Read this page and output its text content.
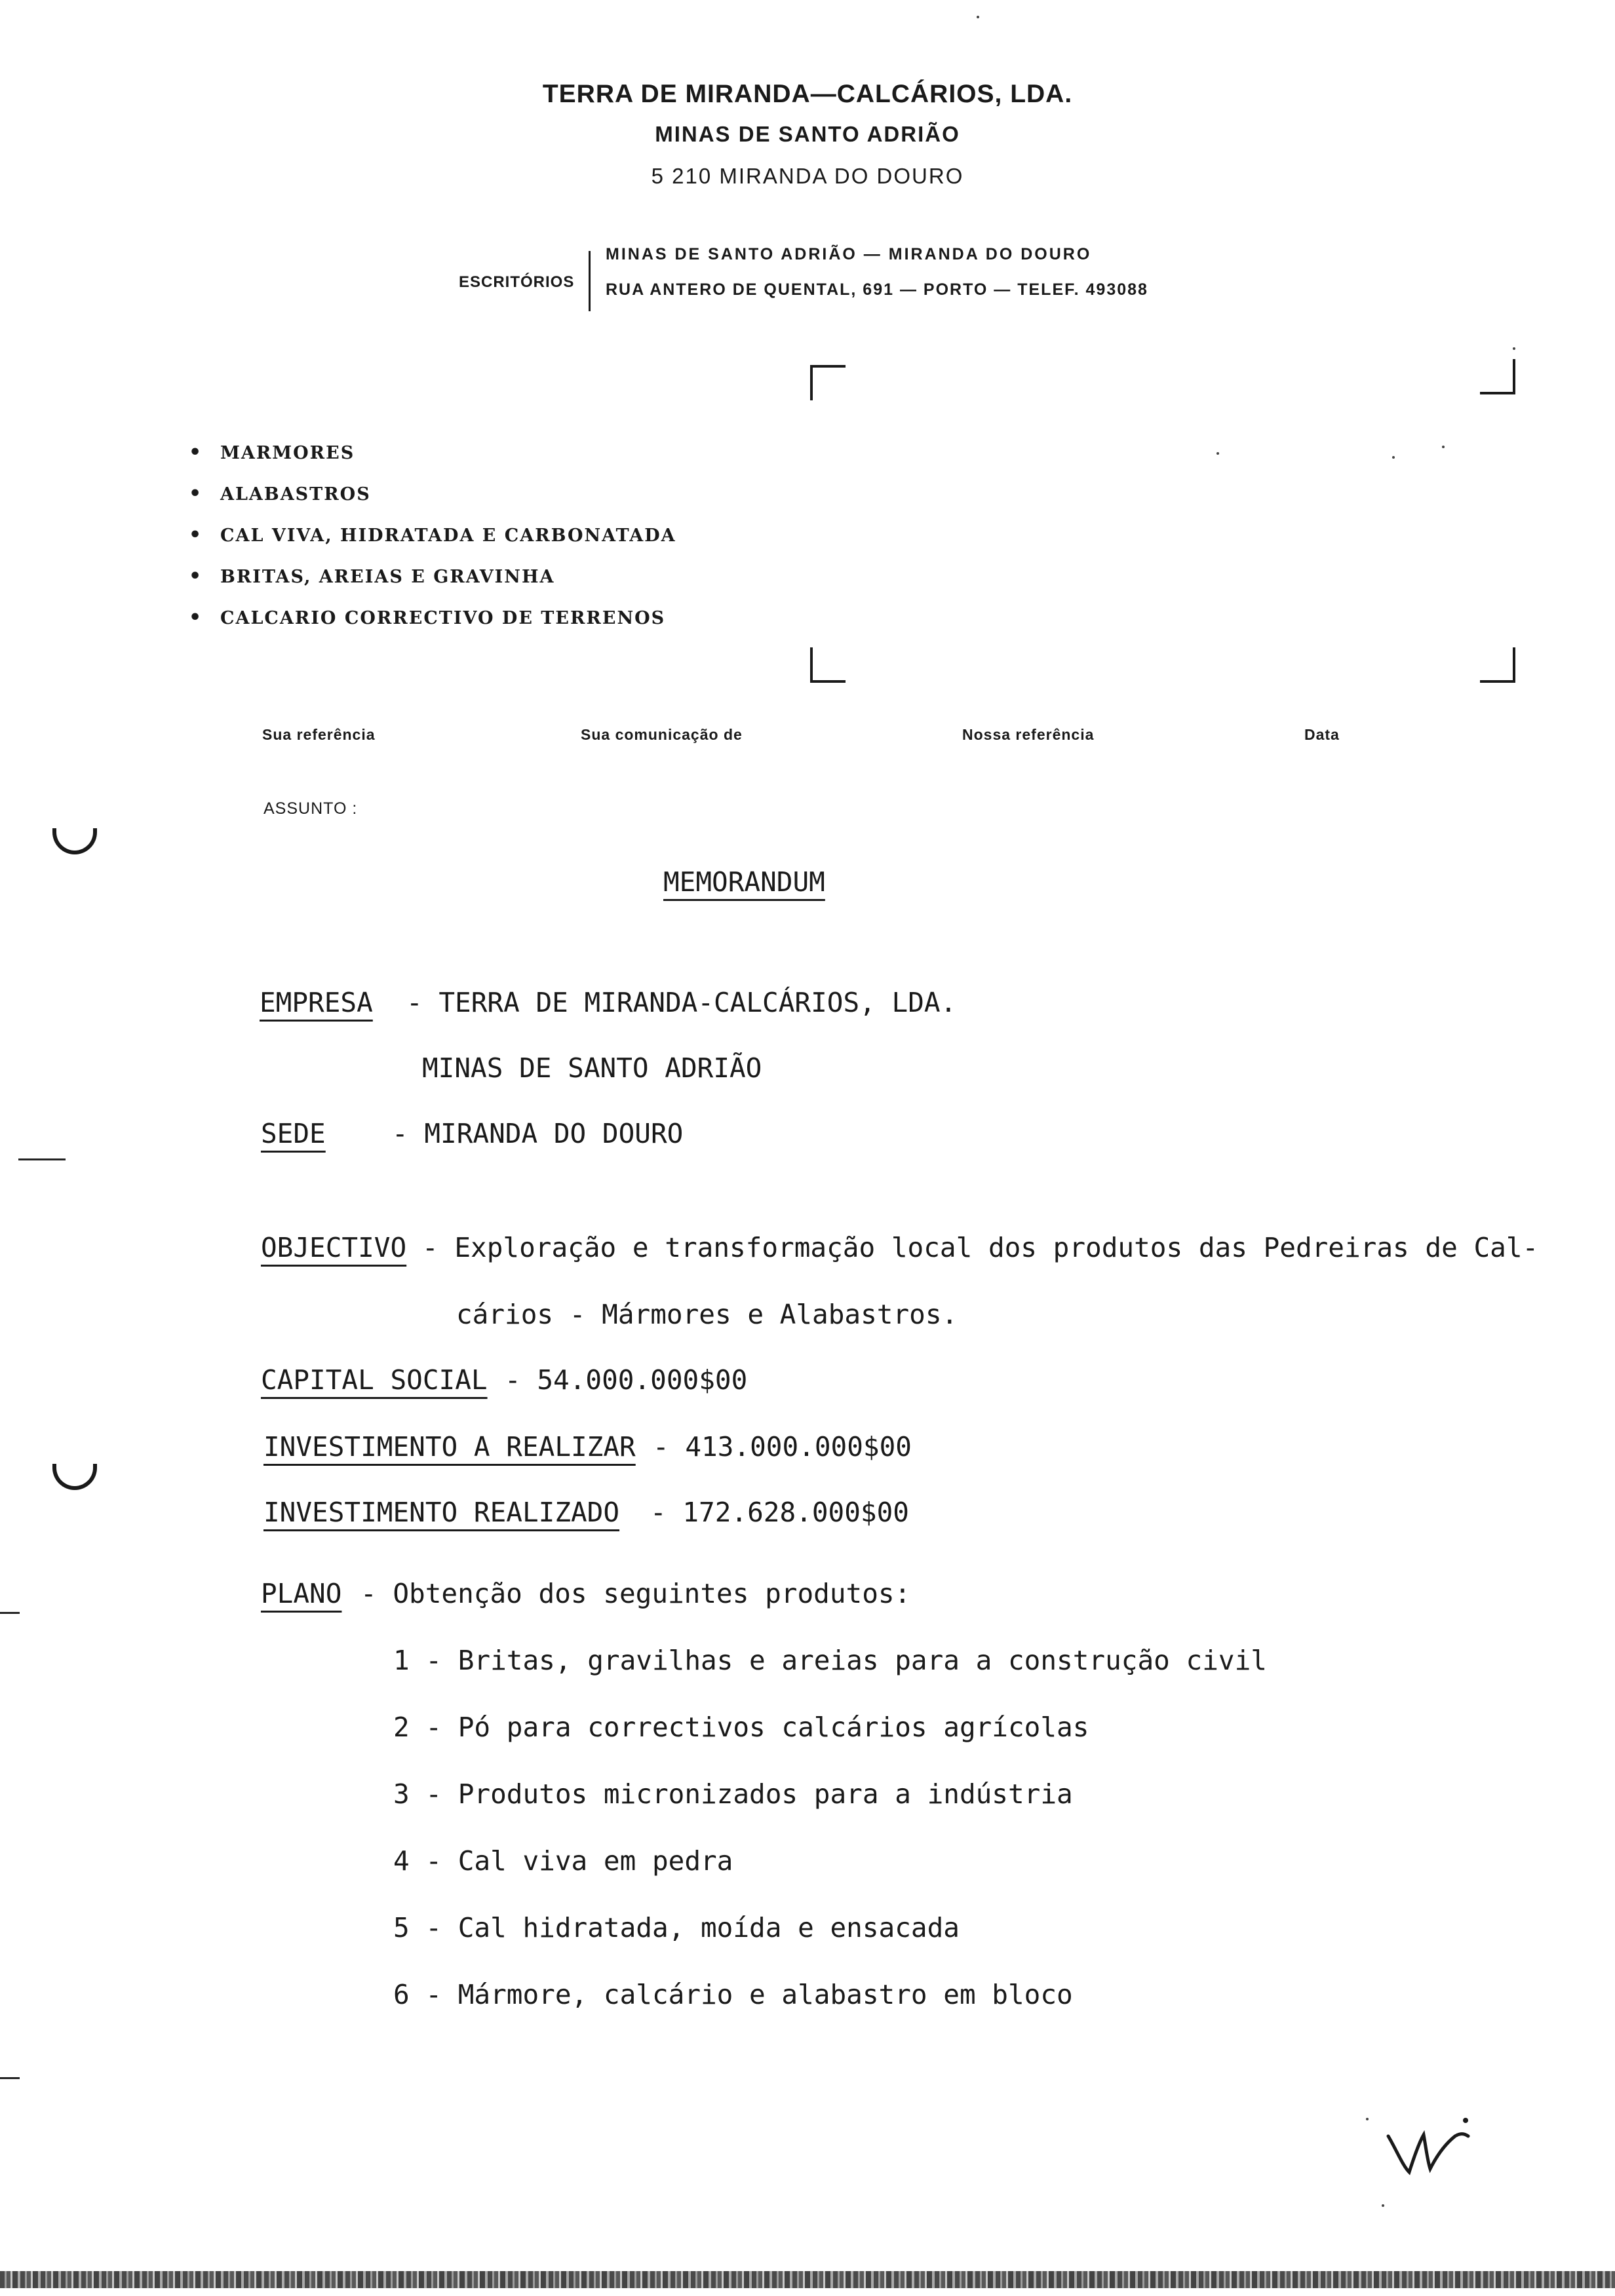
TERRA DE MIRANDA—CALCÁRIOS, LDA.
MINAS DE SANTO ADRIÃO
5 210 MIRANDA DO DOURO
ESCRITÓRIOS
MINAS DE SANTO ADRIÃO — MIRANDA DO DOURO
RUA ANTERO DE QUENTAL, 691 — PORTO — TELEF. 493088
• MARMORES
• ALABASTROS
• CAL VIVA, HIDRATADA E CARBONATADA
• BRITAS, AREIAS E GRAVINHA
• CALCARIO CORRECTIVO DE TERRENOS
Sua referência	Sua comunicação de	Nossa referência	Data
ASSUNTO :
MEMORANDUM
EMPRESA - TERRA DE MIRANDA-CALCÁRIOS, LDA.
MINAS DE SANTO ADRIÃO
SEDE - MIRANDA DO DOURO
OBJECTIVO - Exploração e transformação local dos produtos das Pedreiras de Cal-
cários - Mármores e Alabastros.
CAPITAL SOCIAL - 54.000.000$00
INVESTIMENTO A REALIZAR - 413.000.000$00
INVESTIMENTO REALIZADO - 172.628.000$00
PLANO - Obtenção dos seguintes produtos:
1 - Britas, gravilhas e areias para a construção civil
2 - Pó para correctivos calcários agrícolas
3 - Produtos micronizados para a indústria
4 - Cal viva em pedra
5 - Cal hidratada, moída e ensacada
6 - Mármore, calcário e alabastro em bloco
